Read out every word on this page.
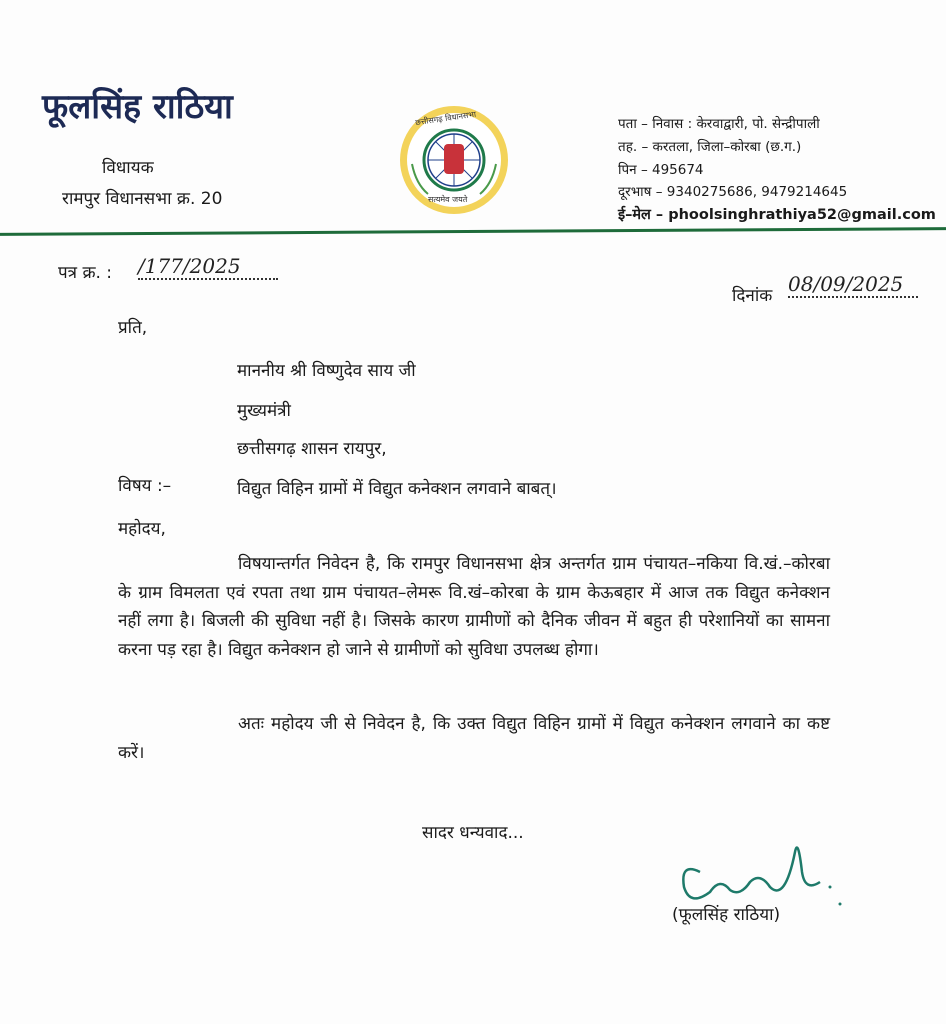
फूलसिंह राठिया
विधायक
रामपुर विधानसभा क्र. 20
छत्तीसगढ़ विधानसभा
सत्यमेव जयते
पता – निवास : केरवाद्वारी, पो. सेन्द्रीपाली
तह. – करतला, जिला–कोरबा (छ.ग.)
पिन – 495674
दूरभाष – 9340275686, 9479214645
ई–मेल – phoolsinghrathiya52@gmail.com
पत्र क्र. : /177/2025
दिनांक 08/09/2025
प्रति,
माननीय श्री विष्णुदेव साय जी
मुख्यमंत्री
छत्तीसगढ़ शासन रायपुर,
विषय :–	विद्युत विहिन ग्रामों में विद्युत कनेक्शन लगवाने बाबत्।
महोदय,
विषयान्तर्गत निवेदन है, कि रामपुर विधानसभा क्षेत्र अन्तर्गत ग्राम पंचायत–नकिया वि.खं.–कोरबा के ग्राम विमलता एवं रपता तथा ग्राम पंचायत–लेमरू वि.खं–कोरबा के ग्राम केऊबहार में आज तक विद्युत कनेक्शन नहीं लगा है। बिजली की सुविधा नहीं है। जिसके कारण ग्रामीणों को दैनिक जीवन में बहुत ही परेशानियों का सामना करना पड़ रहा है। विद्युत कनेक्शन हो जाने से ग्रामीणों को सुविधा उपलब्ध होगा।
अतः महोदय जी से निवेदन है, कि उक्त विद्युत विहिन ग्रामों में विद्युत कनेक्शन लगवाने का कष्ट करें।
सादर धन्यवाद...
(फूलसिंह राठिया)
